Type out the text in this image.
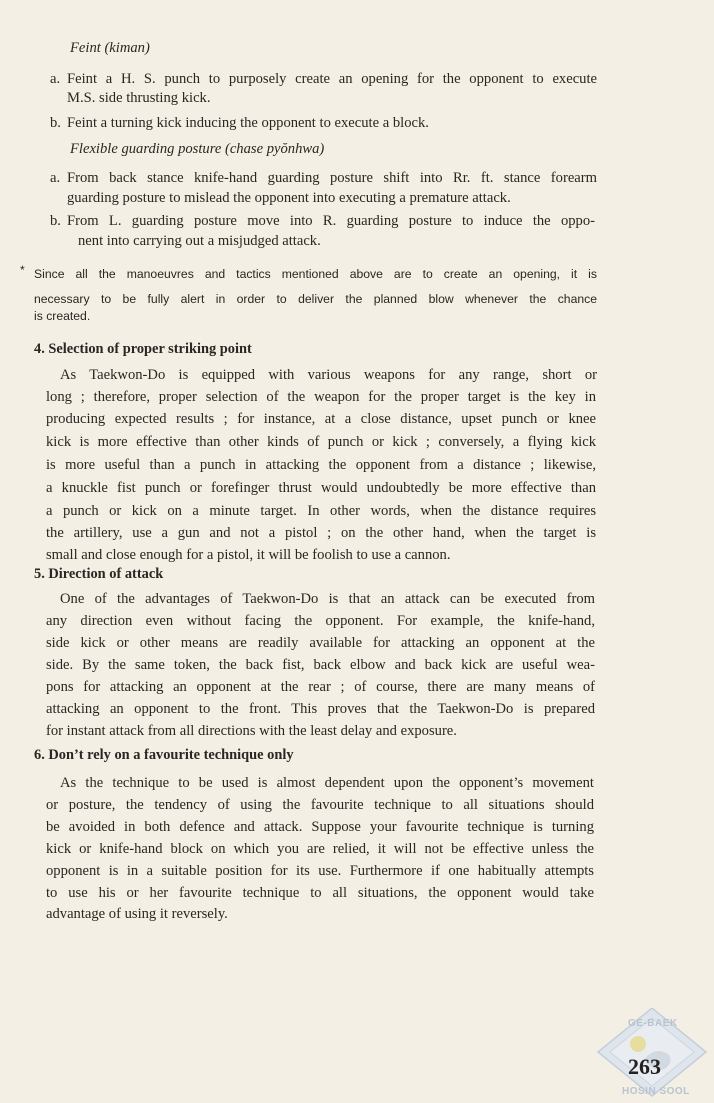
Feint (kiman)
a. Feint a H. S. punch to purposely create an opening for the opponent to execute
M.S. side thrusting kick.
b. Feint a turning kick inducing the opponent to execute a block.
Flexible guarding posture (chase pyŏnhwa)
a. From back stance knife-hand guarding posture shift into Rr. ft. stance forearm
guarding posture to mislead the opponent into executing a premature attack.
b. From L. guarding posture move into R. guarding posture to induce the oppo-
nent into carrying out a misjudged attack.
* Since all the manoeuvres and tactics mentioned above are to create an opening, it is
necessary to be fully alert in order to deliver the planned blow whenever the chance
is created.
4. Selection of proper striking point
As Taekwon-Do is equipped with various weapons for any range, short or
long ; therefore, proper selection of the weapon for the proper target is the key in
producing expected results ; for instance, at a close distance, upset punch or knee
kick is more effective than other kinds of punch or kick ; conversely, a flying kick
is more useful than a punch in attacking the opponent from a distance ; likewise,
a knuckle fist punch or forefinger thrust would undoubtedly be more effective than
a punch or kick on a minute target. In other words, when the distance requires
the artillery, use a gun and not a pistol ; on the other hand, when the target is
small and close enough for a pistol, it will be foolish to use a cannon.
5. Direction of attack
One of the advantages of Taekwon-Do is that an attack can be executed from
any direction even without facing the opponent. For example, the knife-hand,
side kick or other means are readily available for attacking an opponent at the
side. By the same token, the back fist, back elbow and back kick are useful wea-
pons for attacking an opponent at the rear ; of course, there are many means of
attacking an opponent to the front. This proves that the Taekwon-Do is prepared
for instant attack from all directions with the least delay and exposure.
6. Don’t rely on a favourite technique only
As the technique to be used is almost dependent upon the opponent’s movement
or posture, the tendency of using the favourite technique to all situations should
be avoided in both defence and attack. Suppose your favourite technique is turning
kick or knife-hand block on which you are relied, it will not be effective unless the
opponent is in a suitable position for its use. Furthermore if one habitually attempts
to use his or her favourite technique to all situations, the opponent would take
advantage of using it reversely.
GE-BAEK
HOSIN SOOL
263
